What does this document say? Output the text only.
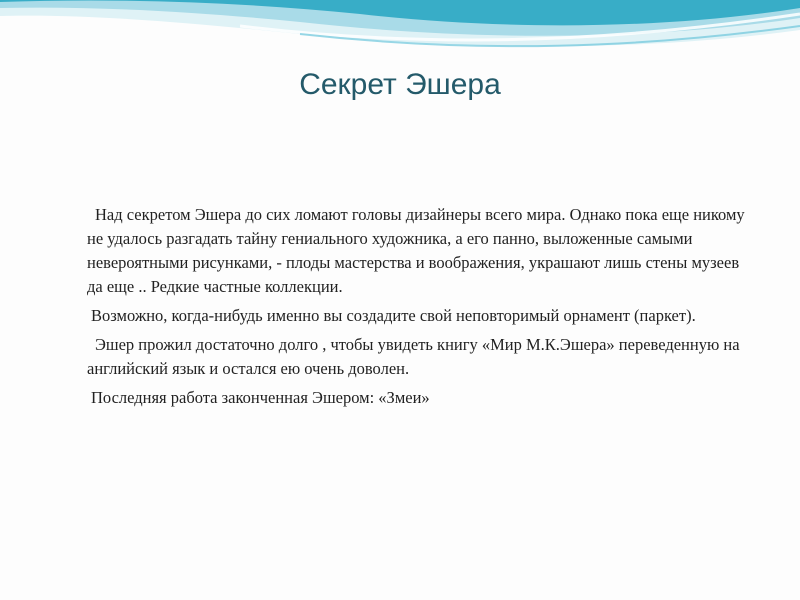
Секрет Эшера

Над секретом Эшера до сих ломают головы дизайнеры всего мира. Однако пока еще никому не удалось разгадать тайну гениального художника, а его панно, выложенные самыми невероятными рисунками, - плоды мастерства и воображения, украшают лишь стены музеев да еще .. Редкие частные коллекции.

Возможно, когда-нибудь именно вы создадите свой неповторимый орнамент (паркет).

Эшер прожил достаточно долго , чтобы увидеть книгу «Мир М.К.Эшера» переведенную на английский язык и остался ею очень доволен.

Последняя работа законченная Эшером: «Змеи»
